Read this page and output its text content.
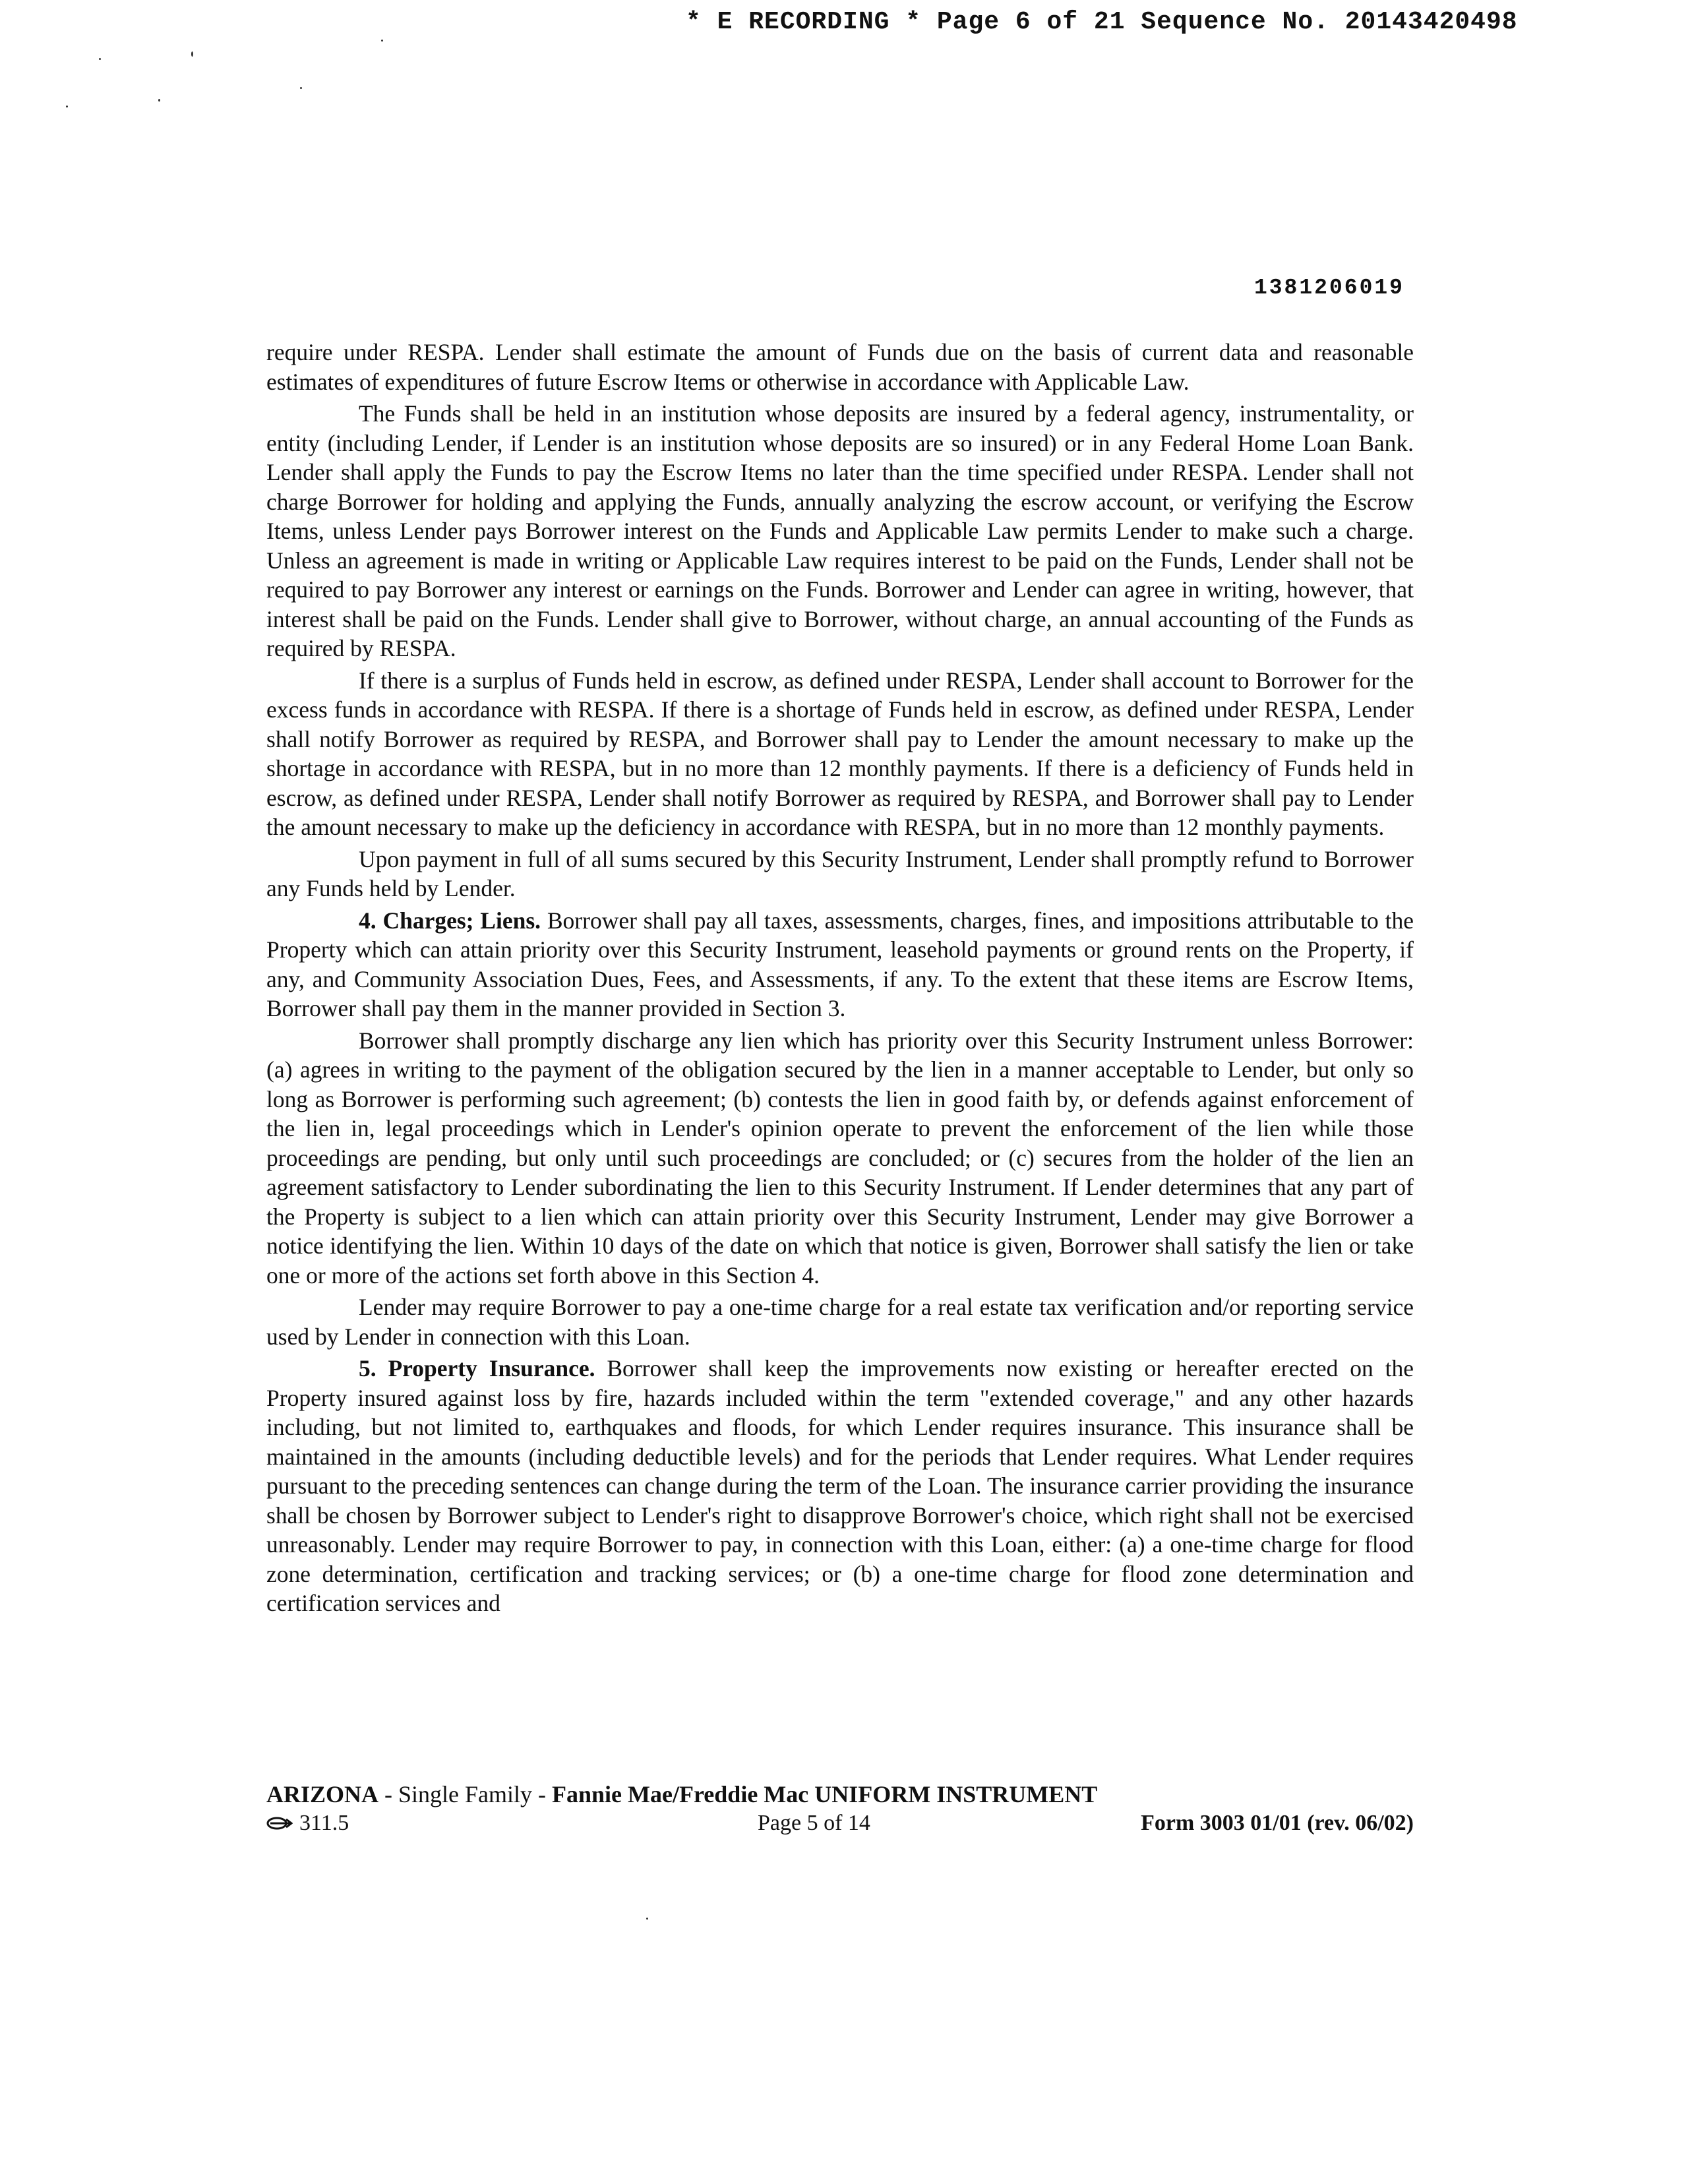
* E RECORDING * Page 6 of 21 Sequence No. 20143420498
1381206019

require under RESPA. Lender shall estimate the amount of Funds due on the basis of current data and reasonable estimates of expenditures of future Escrow Items or otherwise in accordance with Applicable Law.

The Funds shall be held in an institution whose deposits are insured by a federal agency, instrumentality, or entity (including Lender, if Lender is an institution whose deposits are so insured) or in any Federal Home Loan Bank. Lender shall apply the Funds to pay the Escrow Items no later than the time specified under RESPA. Lender shall not charge Borrower for holding and applying the Funds, annually analyzing the escrow account, or verifying the Escrow Items, unless Lender pays Borrower interest on the Funds and Applicable Law permits Lender to make such a charge. Unless an agreement is made in writing or Applicable Law requires interest to be paid on the Funds, Lender shall not be required to pay Borrower any interest or earnings on the Funds. Borrower and Lender can agree in writing, however, that interest shall be paid on the Funds. Lender shall give to Borrower, without charge, an annual accounting of the Funds as required by RESPA.

If there is a surplus of Funds held in escrow, as defined under RESPA, Lender shall account to Borrower for the excess funds in accordance with RESPA. If there is a shortage of Funds held in escrow, as defined under RESPA, Lender shall notify Borrower as required by RESPA, and Borrower shall pay to Lender the amount necessary to make up the shortage in accordance with RESPA, but in no more than 12 monthly payments. If there is a deficiency of Funds held in escrow, as defined under RESPA, Lender shall notify Borrower as required by RESPA, and Borrower shall pay to Lender the amount necessary to make up the deficiency in accordance with RESPA, but in no more than 12 monthly payments.

Upon payment in full of all sums secured by this Security Instrument, Lender shall promptly refund to Borrower any Funds held by Lender.

4. Charges; Liens. Borrower shall pay all taxes, assessments, charges, fines, and impositions attributable to the Property which can attain priority over this Security Instrument, leasehold payments or ground rents on the Property, if any, and Community Association Dues, Fees, and Assessments, if any. To the extent that these items are Escrow Items, Borrower shall pay them in the manner provided in Section 3.

Borrower shall promptly discharge any lien which has priority over this Security Instrument unless Borrower: (a) agrees in writing to the payment of the obligation secured by the lien in a manner acceptable to Lender, but only so long as Borrower is performing such agreement; (b) contests the lien in good faith by, or defends against enforcement of the lien in, legal proceedings which in Lender's opinion operate to prevent the enforcement of the lien while those proceedings are pending, but only until such proceedings are concluded; or (c) secures from the holder of the lien an agreement satisfactory to Lender subordinating the lien to this Security Instrument. If Lender determines that any part of the Property is subject to a lien which can attain priority over this Security Instrument, Lender may give Borrower a notice identifying the lien. Within 10 days of the date on which that notice is given, Borrower shall satisfy the lien or take one or more of the actions set forth above in this Section 4.

Lender may require Borrower to pay a one-time charge for a real estate tax verification and/or reporting service used by Lender in connection with this Loan.

5. Property Insurance. Borrower shall keep the improvements now existing or hereafter erected on the Property insured against loss by fire, hazards included within the term "extended coverage," and any other hazards including, but not limited to, earthquakes and floods, for which Lender requires insurance. This insurance shall be maintained in the amounts (including deductible levels) and for the periods that Lender requires. What Lender requires pursuant to the preceding sentences can change during the term of the Loan. The insurance carrier providing the insurance shall be chosen by Borrower subject to Lender's right to disapprove Borrower's choice, which right shall not be exercised unreasonably. Lender may require Borrower to pay, in connection with this Loan, either: (a) a one-time charge for flood zone determination, certification and tracking services; or (b) a one-time charge for flood zone determination and certification services and

ARIZONA - Single Family - Fannie Mae/Freddie Mac UNIFORM INSTRUMENT
311.5	Page 5 of 14	Form 3003 01/01 (rev. 06/02)
